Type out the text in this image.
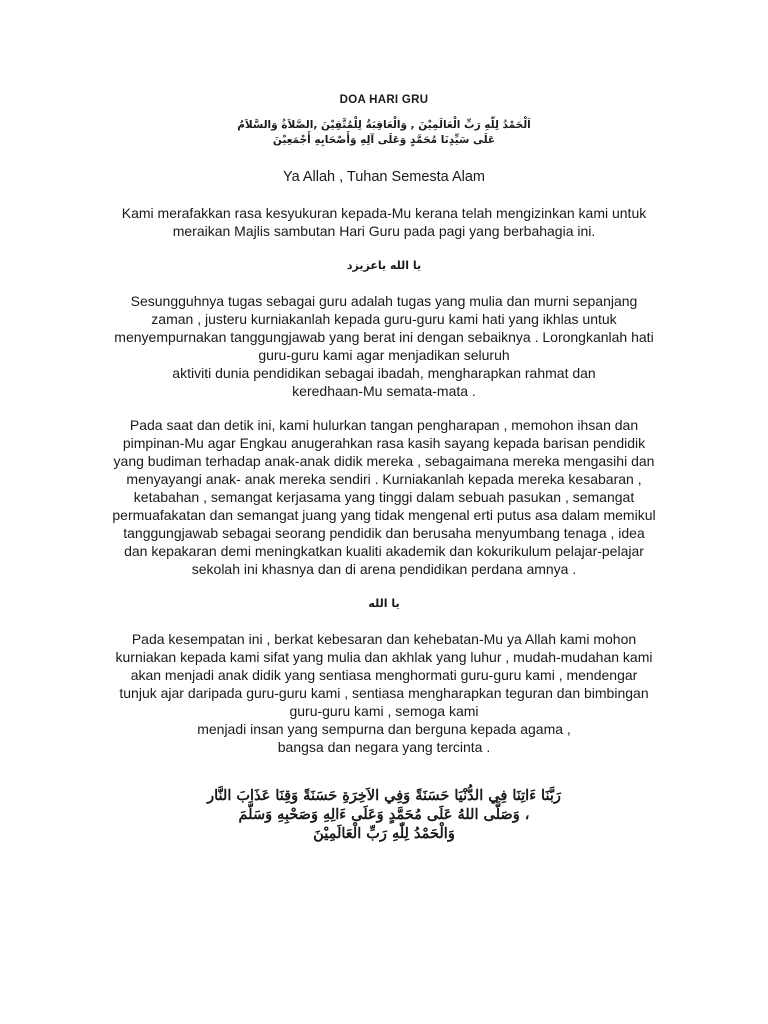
DOA HARI GRU
اَلْحَمْدُ لِلّٰهِ رَبِّ الْعَالَمِيْنَ , وَالْعَاقِبَةُ لِلْمُتَّقِيْنَ ,الصَّلاَةُ وَالسَّلاَمُ
عَلَى سَيِّدِنَا مُحَمَّدٍ وَعَلَى آلِهِ وَأَصْحَابِهِ أَجْمَعِيْنَ
Ya Allah , Tuhan Semesta Alam
Kami merafakkan rasa kesyukuran kepada-Mu kerana telah mengizinkan kami untuk
meraikan Majlis sambutan Hari Guru pada pagi yang berbahagia ini.
يا الله ياعزيزد
Sesungguhnya tugas sebagai guru adalah tugas yang mulia dan murni sepanjang
zaman , justeru kurniakanlah kepada guru-guru kami hati yang ikhlas untuk
menyempurnakan tanggungjawab yang berat ini dengan sebaiknya . Lorongkanlah hati
guru-guru kami agar menjadikan seluruh
aktiviti dunia pendidikan sebagai ibadah, mengharapkan rahmat dan
keredhaan-Mu semata-mata .
Pada saat dan detik ini, kami hulurkan tangan pengharapan , memohon ihsan dan
pimpinan-Mu agar Engkau anugerahkan rasa kasih sayang kepada barisan pendidik
yang budiman terhadap anak-anak didik mereka , sebagaimana mereka mengasihi dan
menyayangi anak- anak mereka sendiri . Kurniakanlah kepada mereka kesabaran ,
ketabahan , semangat kerjasama yang tinggi dalam sebuah pasukan , semangat
permuafakatan dan semangat juang yang tidak mengenal erti putus asa dalam memikul
tanggungjawab sebagai seorang pendidik dan berusaha menyumbang tenaga , idea
dan kepakaran demi meningkatkan kualiti akademik dan kokurikulum pelajar-pelajar
sekolah ini khasnya dan di arena pendidikan perdana amnya .
يا الله
Pada kesempatan ini , berkat kebesaran dan kehebatan-Mu ya Allah kami mohon
kurniakan kepada kami sifat yang mulia dan akhlak yang luhur , mudah-mudahan kami
akan menjadi anak didik yang sentiasa menghormati guru-guru kami , mendengar
tunjuk ajar daripada guru-guru kami , sentiasa mengharapkan teguran dan bimbingan
guru-guru kami , semoga kami
menjadi insan yang sempurna dan berguna kepada agama ,
bangsa dan negara yang tercinta .
رَبَّنَا ءَاتِنَا فِي الدُّنْيَا حَسَنَةً وَفِي الاَخِرَةِ حَسَنَةً وَقِنَا عَذَابَ النَّار
، وَصَلَّى اللهُ عَلَى مُحَمَّدٍ وَعَلَى ءَالِهِ وَصَحْبِهِ وَسَلَّمَ
وَالْحَمْدُ لِلّٰهِ رَبِّ الْعَالَمِيْنَ
